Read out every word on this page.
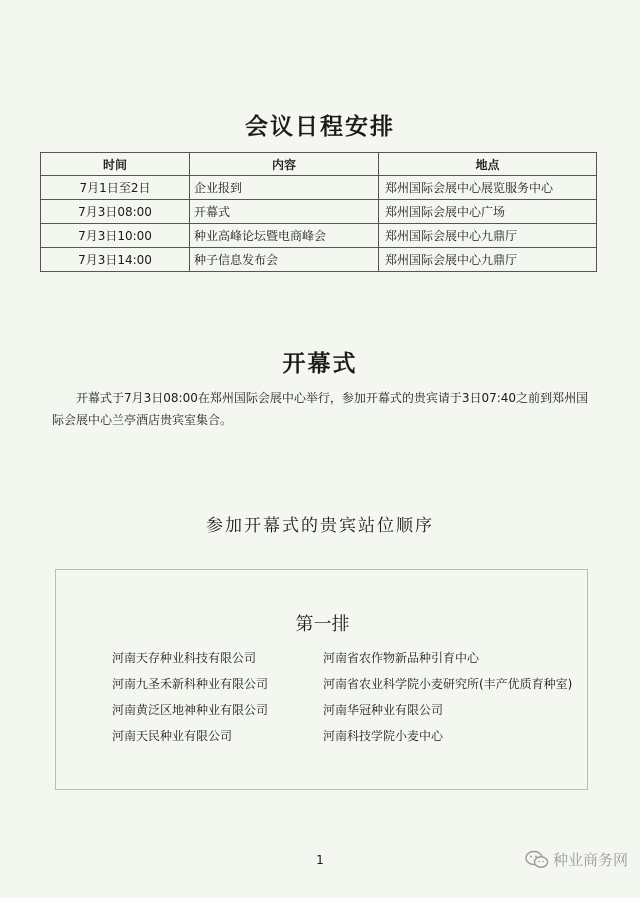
会议日程安排
时间	内容	地点
7月1日至2日	企业报到	郑州国际会展中心展览服务中心
7月3日08:00	开幕式	郑州国际会展中心广场
7月3日10:00	种业高峰论坛暨电商峰会	郑州国际会展中心九鼎厅
7月3日14:00	种子信息发布会	郑州国际会展中心九鼎厅
开幕式
开幕式于7月3日08:00在郑州国际会展中心举行，参加开幕式的贵宾请于3日07:40之前到郑州国际会展中心兰亭酒店贵宾室集合。
参加开幕式的贵宾站位顺序
第一排
河南天存种业科技有限公司	河南省农作物新品种引育中心
河南九圣禾新科种业有限公司	河南省农业科学院小麦研究所(丰产优质育种室)
河南黄泛区地神种业有限公司	河南华冠种业有限公司
河南天民种业有限公司	河南科技学院小麦中心
1	种业商务网
